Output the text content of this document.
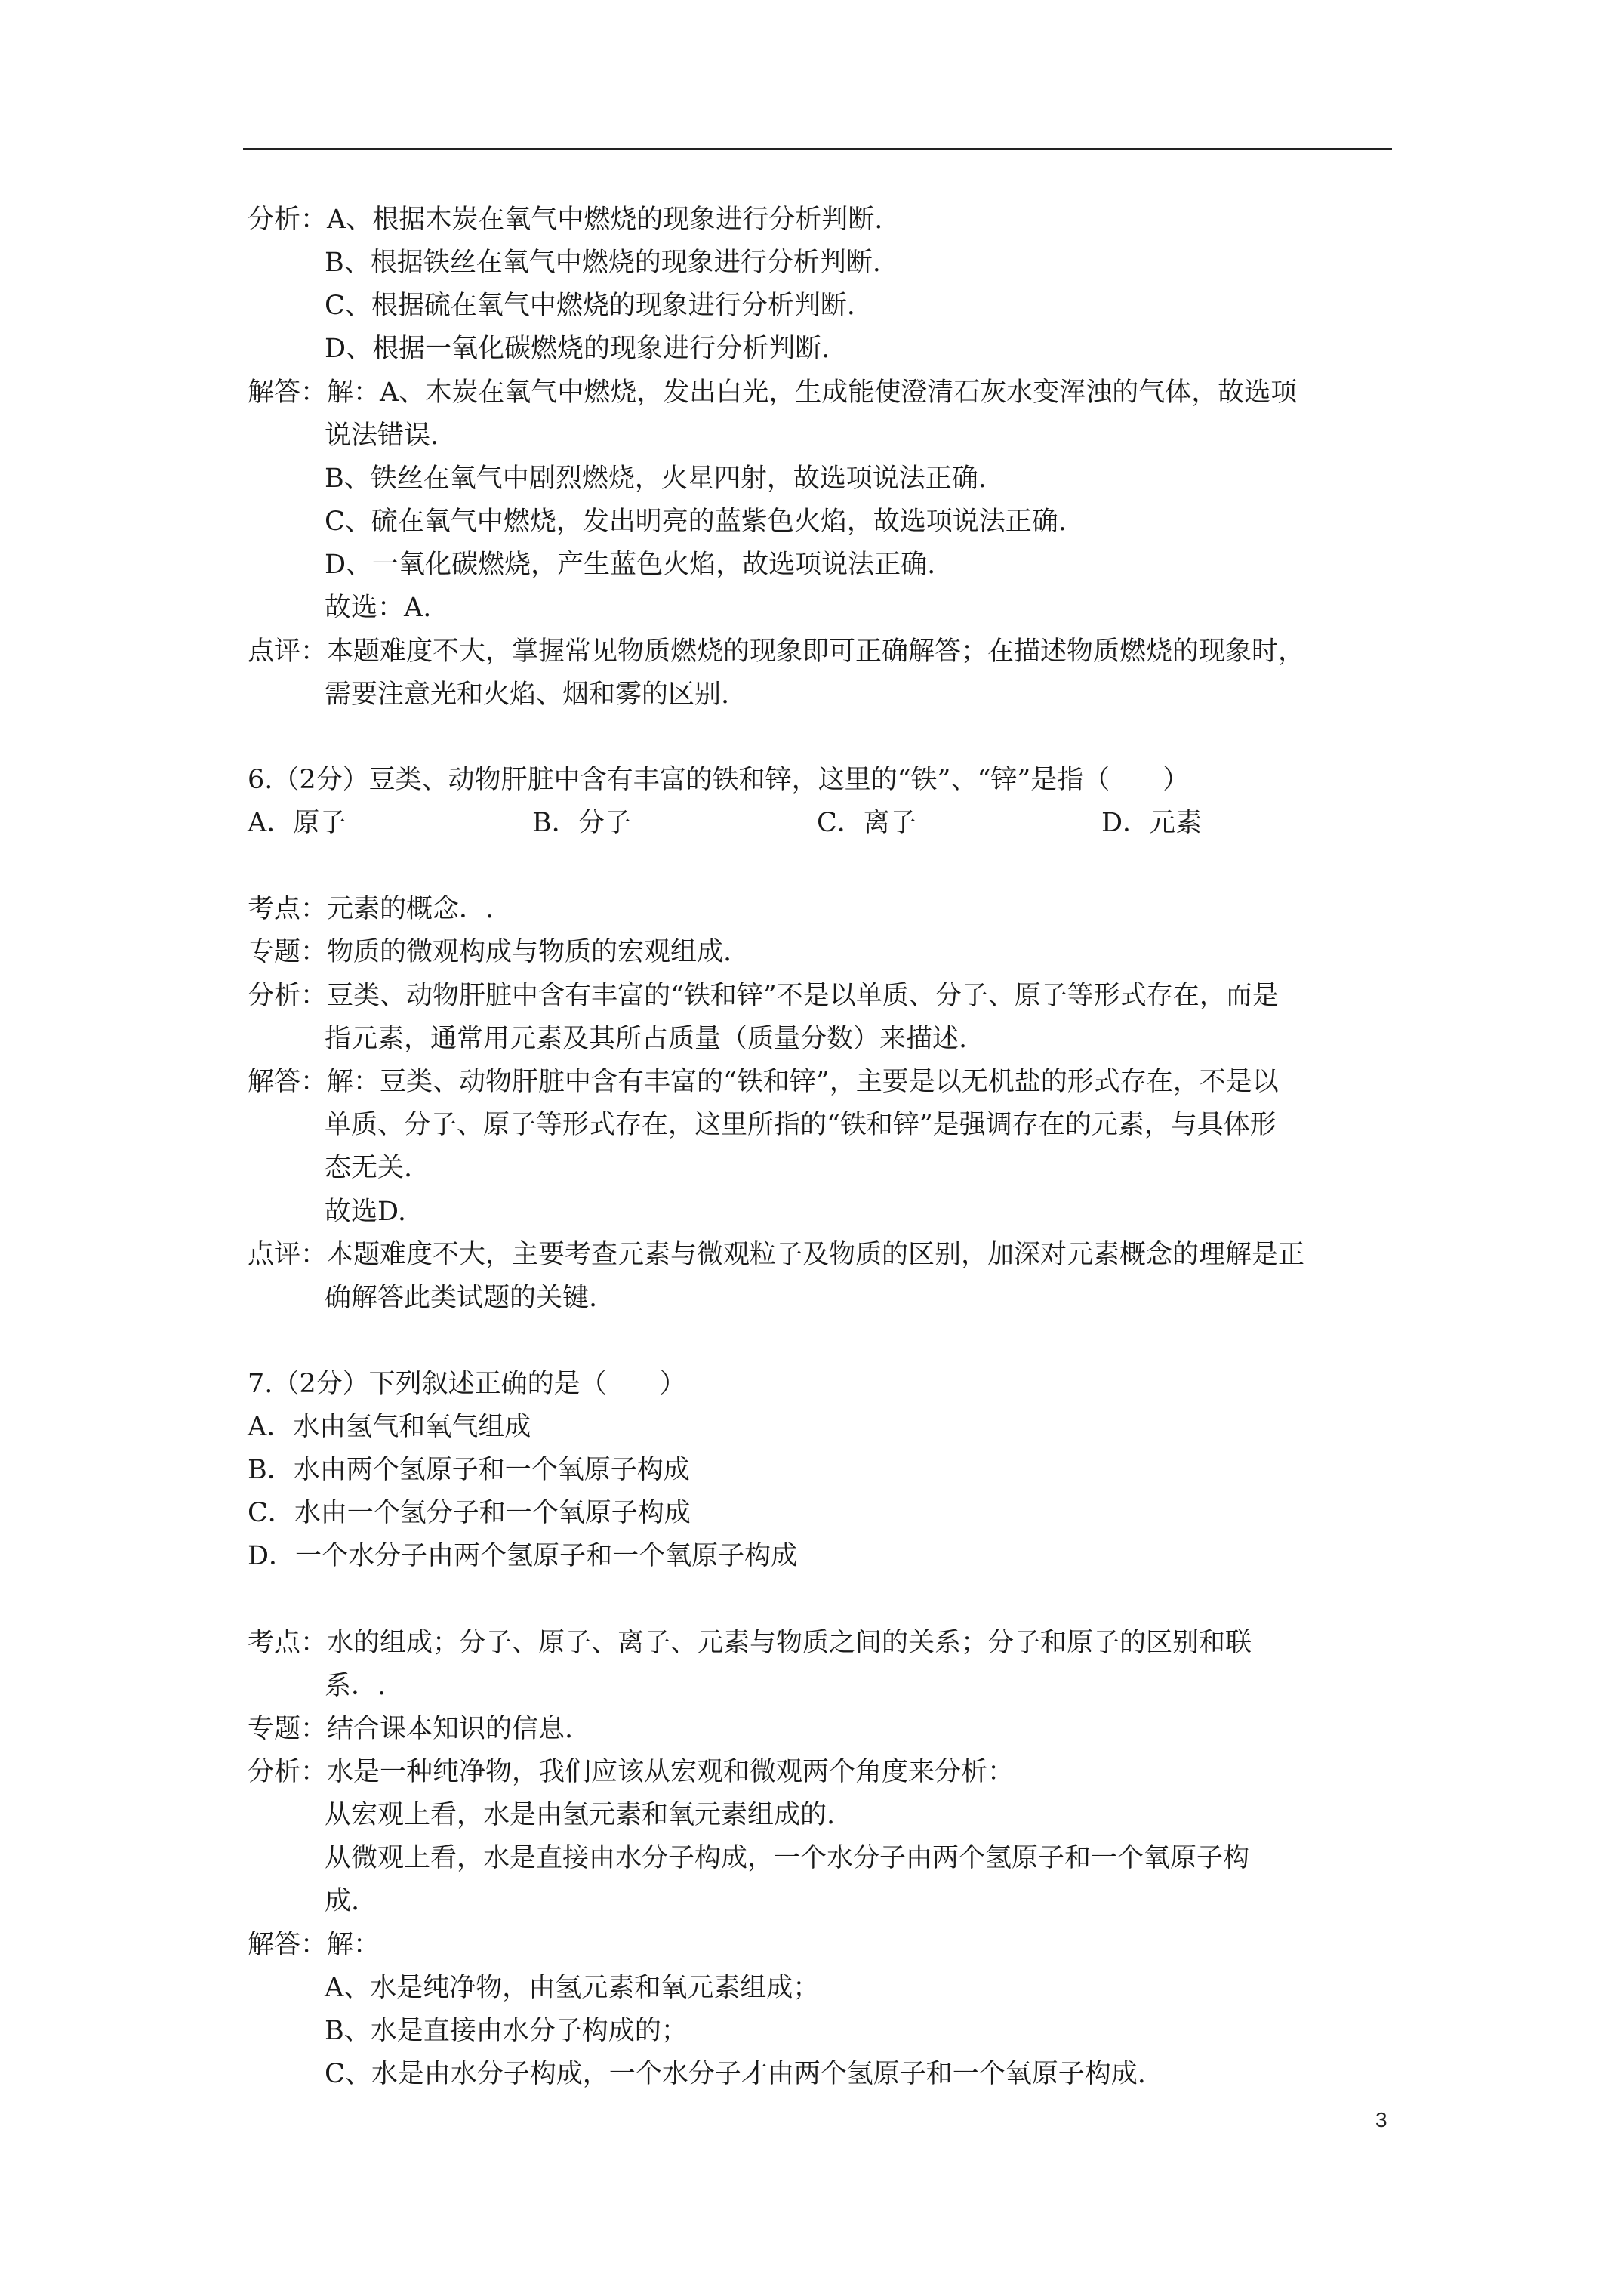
分析：A、根据木炭在氧气中燃烧的现象进行分析判断.
B、根据铁丝在氧气中燃烧的现象进行分析判断.
C、根据硫在氧气中燃烧的现象进行分析判断.
D、根据一氧化碳燃烧的现象进行分析判断.
解答：解：A、木炭在氧气中燃烧，发出白光，生成能使澄清石灰水变浑浊的气体，故选项
说法错误.
B、铁丝在氧气中剧烈燃烧，火星四射，故选项说法正确.
C、硫在氧气中燃烧，发出明亮的蓝紫色火焰，故选项说法正确.
D、一氧化碳燃烧，产生蓝色火焰，故选项说法正确.
故选：A.
点评：本题难度不大，掌握常见物质燃烧的现象即可正确解答；在描述物质燃烧的现象时，
需要注意光和火焰、烟和雾的区别.
6.（2分）豆类、动物肝脏中含有丰富的铁和锌，这里的“铁”、“锌”是指（　　）
A．原子	B．分子	C．离子	D．元素
考点：元素的概念．.
专题：物质的微观构成与物质的宏观组成.
分析：豆类、动物肝脏中含有丰富的“铁和锌”不是以单质、分子、原子等形式存在，而是
指元素，通常用元素及其所占质量（质量分数）来描述.
解答：解：豆类、动物肝脏中含有丰富的“铁和锌”，主要是以无机盐的形式存在，不是以
单质、分子、原子等形式存在，这里所指的“铁和锌”是强调存在的元素，与具体形
态无关.
故选D.
点评：本题难度不大，主要考查元素与微观粒子及物质的区别，加深对元素概念的理解是正
确解答此类试题的关键.
7.（2分）下列叙述正确的是（　　）
A．水由氢气和氧气组成
B．水由两个氢原子和一个氧原子构成
C．水由一个氢分子和一个氧原子构成
D．一个水分子由两个氢原子和一个氧原子构成
考点：水的组成；分子、原子、离子、元素与物质之间的关系；分子和原子的区别和联
系．.
专题：结合课本知识的信息.
分析：水是一种纯净物，我们应该从宏观和微观两个角度来分析：
从宏观上看，水是由氢元素和氧元素组成的.
从微观上看，水是直接由水分子构成，一个水分子由两个氢原子和一个氧原子构
成.
解答：解：
A、水是纯净物，由氢元素和氧元素组成；
B、水是直接由水分子构成的；
C、水是由水分子构成，一个水分子才由两个氢原子和一个氧原子构成.
3
